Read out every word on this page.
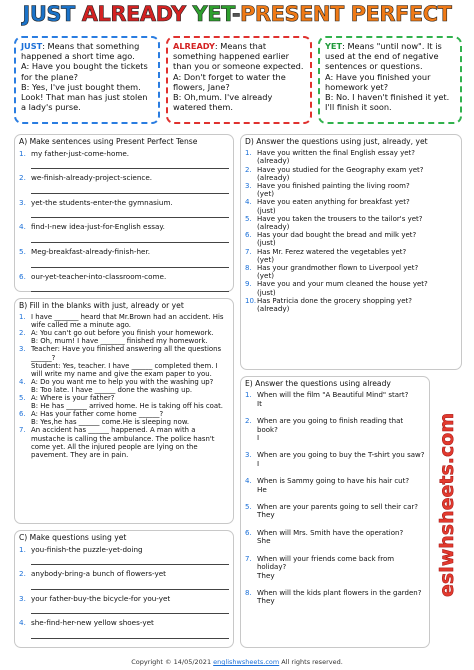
JUST ALREADY YET-PRESENT PERFECT

JUST: Means that something happened a short time ago.

A: Have you bought the tickets for the plane?

B: Yes, I've just bought them. Look! That man has just stolen a lady's purse.

ALREADY: Means that something happened earlier than you or someone expected.

A: Don't forget to water the flowers, Jane?

B: Oh,mum. I've already watered them.

YET: Means "until now". It is used at the end of negative sentences or questions.

A: Have you finished your homework yet?

B: No. I haven't finished it yet. I'll finish it soon.

A) Make sentences using Present Perfect Tense
1. my father-just-come-home.
2. we-finish-already-project-science.
3. yet-the students-enter-the gymnasium.
4. find-I-new idea-just-for-English essay.
5. Meg-breakfast-already-finish-her.
6. our-yet-teacher-into-classroom-come.
B) Fill in the blanks with just, already or yet
1. I have _______ heard that Mr.Brown had an accident. His wife called me a minute ago.
2. A: You can't go out before you finish your homework.
B: Oh, mum! I have _______ finished my homework.
3. Teacher: Have you finished answering all the questions ______?
Student: Yes, teacher. I have ______ completed them. I will write my name and give the exam paper to you.
4. A: Do you want me to help you with the washing up?
B: Too late. I have ______ done the washing up.
5. A: Where is your father?
B: He has ______ arrived home. He is taking off his coat.
6. A: Has your father come home ______?
B: Yes,he has ______ come.He is sleeping now.
7. An accident has ______ happened. A man with a mustache is calling the ambulance. The police hasn't come yet. All the injured people are lying on the pavement. They are in pain.
C) Make questions using yet
1. you-finish-the puzzle-yet-doing
2. anybody-bring-a bunch of flowers-yet
3. your father-buy-the bicycle-for you-yet
4. she-find-her-new yellow shoes-yet
D) Answer the questions using just, already, yet
1. Have you written the final English essay yet?
(already)
2. Have you studied for the Geography exam yet?
(already)
3. Have you finished painting the living room?
(yet)
4. Have you eaten anything for breakfast yet?
(just)
5. Have you taken the trousers to the tailor's yet?
(already)
6. Has your dad bought the bread and milk yet?
(just)
7. Has Mr. Ferez watered the vegetables yet?
(yet)
8. Has your grandmother flown to Liverpool yet?
(yet)
9. Have you and your mum cleaned the house yet?
(just)
10. Has Patricia done the grocery shopping yet?
(already)
E) Answer the questions using already
1. When will the film "A Beautiful Mind" start?
It
2. When are you going to finish reading that book?
I
3. When are you going to buy the T-shirt you saw?
I
4. When is Sammy going to have his hair cut?
He
5. When are your parents going to sell their car?
They
6. When will Mrs. Smith have the operation?
She
7. When will your friends come back from holiday?
They
8. When will the kids plant flowers in the garden?
They
eslwhsheets.com
Copyright © 14/05/2021 englishwsheets.com All rights reserved.
